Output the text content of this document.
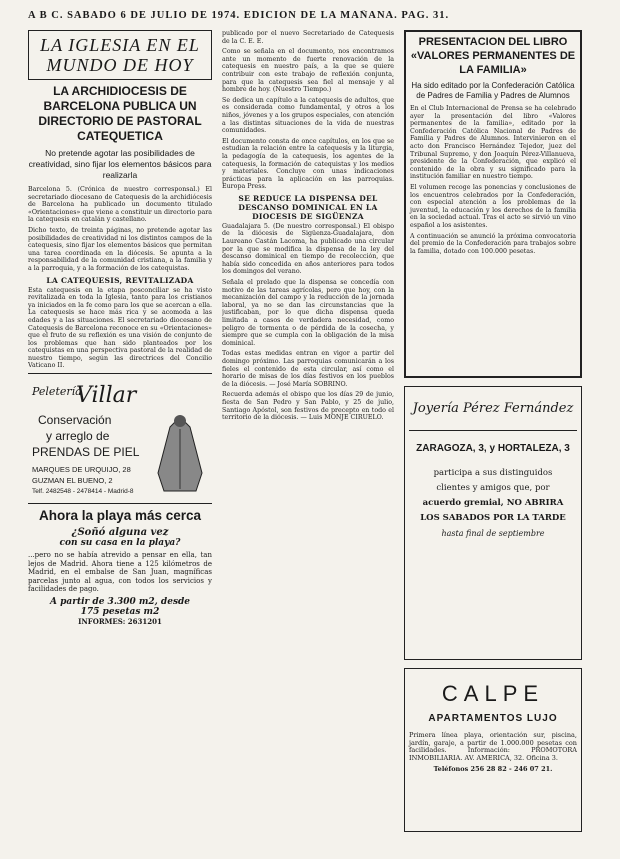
A B C. SABADO 6 DE JULIO DE 1974. EDICION DE LA MAÑANA. PAG. 31.
LA IGLESIA EN EL MUNDO DE HOY
LA ARCHIDIOCESIS DE BARCELONA PUBLICA UN DIRECTORIO DE PASTORAL CATEQUETICA
No pretende agotar las posibilidades de creatividad, sino fijar los elementos básicos para realizarla

Barcelona 5. (Crónica de nuestro corresponsal.) El secretariado diocesano de Catequesis de la archidiócesis de Barcelona ha publicado un documento titulado «Orientaciones» que viene a constituir un directorio para la catequesis en catalán y castellano.

Dicho texto, de treinta páginas, no pretende agotar las posibilidades de creatividad ni los distintos campos de la catequesis, sino fijar los elementos básicos que permitan una tarea coordinada en la diócesis. Se apunta a la responsabilidad de la comunidad cristiana, a la familia y a la parroquia, y a la formación de los catequistas.

LA CATEQUESIS, REVITALIZADA

Esta catequesis en la etapa posconciliar se ha visto revitalizada en toda la Iglesia, tanto para los cristianos ya iniciados en la fe como para los que se acercan a ella. La catequesis se hace más rica y se acomoda a las edades y a las situaciones. El secretariado diocesano de Catequesis de Barcelona reconoce en su «Orientaciones» que el fruto de su reflexión es una visión de conjunto de los problemas que han sido planteados por los catequistas en una perspectiva pastoral de la realidad de nuestro tiempo, según las directrices del Concilio Vaticano II.

Peletería
Villar
Conservación
y arreglo de
PRENDAS DE PIEL
MARQUES DE URQUIJO, 28
GUZMAN EL BUENO, 2
Telf. 2482548 - 2478414 - Madrid-8
Ahora la playa más cerca
¿Soñó alguna vez
con su casa en la playa?

...pero no se había atrevido a pensar en ella, tan lejos de Madrid. Ahora tiene a 125 kilómetros de Madrid, en el embalse de San Juan, magníficas parcelas junto al agua, con todos los servicios y facilidades de pago.

A partir de 3.300 m2, desde
175 pesetas m2
INFORMES: 2631201

publicado por el nuevo Secretariado de Catequesis de la C. E. E.

Como se señala en el documento, nos encontramos ante un momento de fuerte renovación de la catequesis en nuestro país, a la que se quiere contribuir con este trabajo de reflexión conjunta, para que la catequesis sea fiel al mensaje y al hombre de hoy. (Nuestro Tiempo.)

Se dedica un capítulo a la catequesis de adultos, que es considerada como fundamental, y otros a los niños, jóvenes y a los grupos especiales, con atención a las distintas situaciones de la vida de nuestras comunidades.

El documento consta de once capítulos, en los que se estudian la relación entre la catequesis y la liturgia, la pedagogía de la catequesis, los agentes de la catequesis, la formación de catequistas y los medios y materiales. Concluye con unas indicaciones prácticas para la aplicación en las parroquias. Europa Press.

SE REDUCE LA DISPENSA DEL DESCANSO DOMINICAL EN LA DIOCESIS DE SIGÜENZA

Guadalajara 5. (De nuestro corresponsal.) El obispo de la diócesis de Sigüenza-Guadalajara, don Laureano Castán Lacoma, ha publicado una circular por la que se modifica la dispensa de la ley del descanso dominical en tiempo de recolección, que había sido concedida en años anteriores para todos los domingos del verano.

Señala el prelado que la dispensa se concedía con motivo de las tareas agrícolas, pero que hoy, con la mecanización del campo y la reducción de la jornada laboral, ya no se dan las circunstancias que la justificaban, por lo que dicha dispensa queda limitada a casos de verdadera necesidad, como peligro de tormenta o de pérdida de la cosecha, y siempre que se cumpla con la obligación de la misa dominical.

Todas estas medidas entran en vigor a partir del domingo próximo. Las parroquias comunicarán a los fieles el contenido de esta circular, así como el horario de misas de los días festivos en los pueblos de la diócesis. — José María SOBRINO.

Recuerda además el obispo que los días 29 de junio, fiesta de San Pedro y San Pablo, y 25 de julio, Santiago Apóstol, son festivos de precepto en todo el territorio de la diócesis. — Luis MONJE CIRUELO.

PRESENTACION DEL LIBRO «VALORES PERMANENTES DE LA FAMILIA»
Ha sido editado por la Confederación Católica de Padres de Familia y Padres de Alumnos

En el Club Internacional de Prensa se ha celebrado ayer la presentación del libro «Valores permanentes de la familia», editado por la Confederación Católica Nacional de Padres de Familia y Padres de Alumnos. Intervinieron en el acto don Francisco Hernández Tejedor, juez del Tribunal Supremo, y don Joaquín Pérez-Villanueva, presidente de la Confederación, que explicó el contenido de la obra y su significado para la institución familiar en nuestro tiempo.

El volumen recoge las ponencias y conclusiones de los encuentros celebrados por la Confederación, con especial atención a los problemas de la juventud, la educación y los derechos de la familia en la sociedad actual. Tras el acto se sirvió un vino español a los asistentes.

A continuación se anunció la próxima convocatoria del premio de la Confederación para trabajos sobre la familia, dotado con 100.000 pesetas.

Joyería Pérez Fernández
ZARAGOZA, 3, y HORTALEZA, 3
participa a sus distinguidos
clientes y amigos que, por
acuerdo gremial, NO ABRIRA
LOS SABADOS POR LA TARDE
hasta final de septiembre
CALPE
APARTAMENTOS LUJO

Primera línea playa, orientación sur, piscina, jardín, garaje, a partir de 1.000.000 pesetas con facilidades. Información: PROMOTORA INMOBILIARIA. AV. AMERICA, 32. Oficina 3.

Teléfonos 256 28 82 - 246 07 21.
